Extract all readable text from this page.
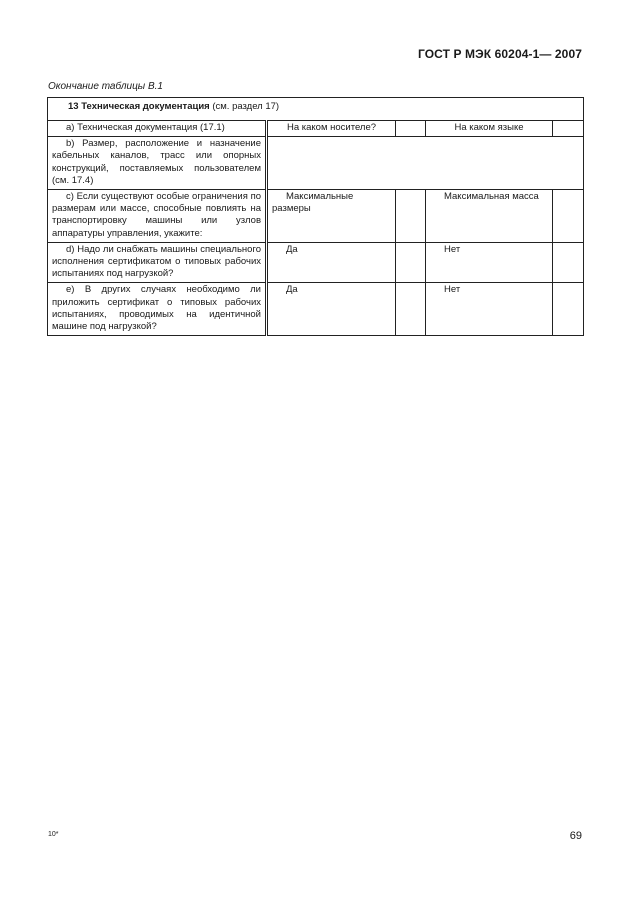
ГОСТ Р МЭК 60204-1— 2007
Окончание таблицы В.1
13 Техническая документация (см. раздел 17)				
a) Техническая документация (17.1)	На каком носителе?		На каком языке	
b) Размер, расположение и назначение кабельных каналов, трасс или опорных конструкций, поставляемых пользователем (см. 17.4)				
c) Если существуют особые ограничения по размерам или массе, способные повлиять на транспортировку машины или узлов аппаратуры управления, укажите:	Максимальные размеры		Максимальная масса	
d) Надо ли снабжать машины специального исполнения сертификатом о типовых рабочих испытаниях под нагрузкой?	Да		Нет	
e) В других случаях необходимо ли приложить сертификат о типовых рабочих испытаниях, проводимых на идентичной машине под нагрузкой?	Да		Нет	
10*	69
